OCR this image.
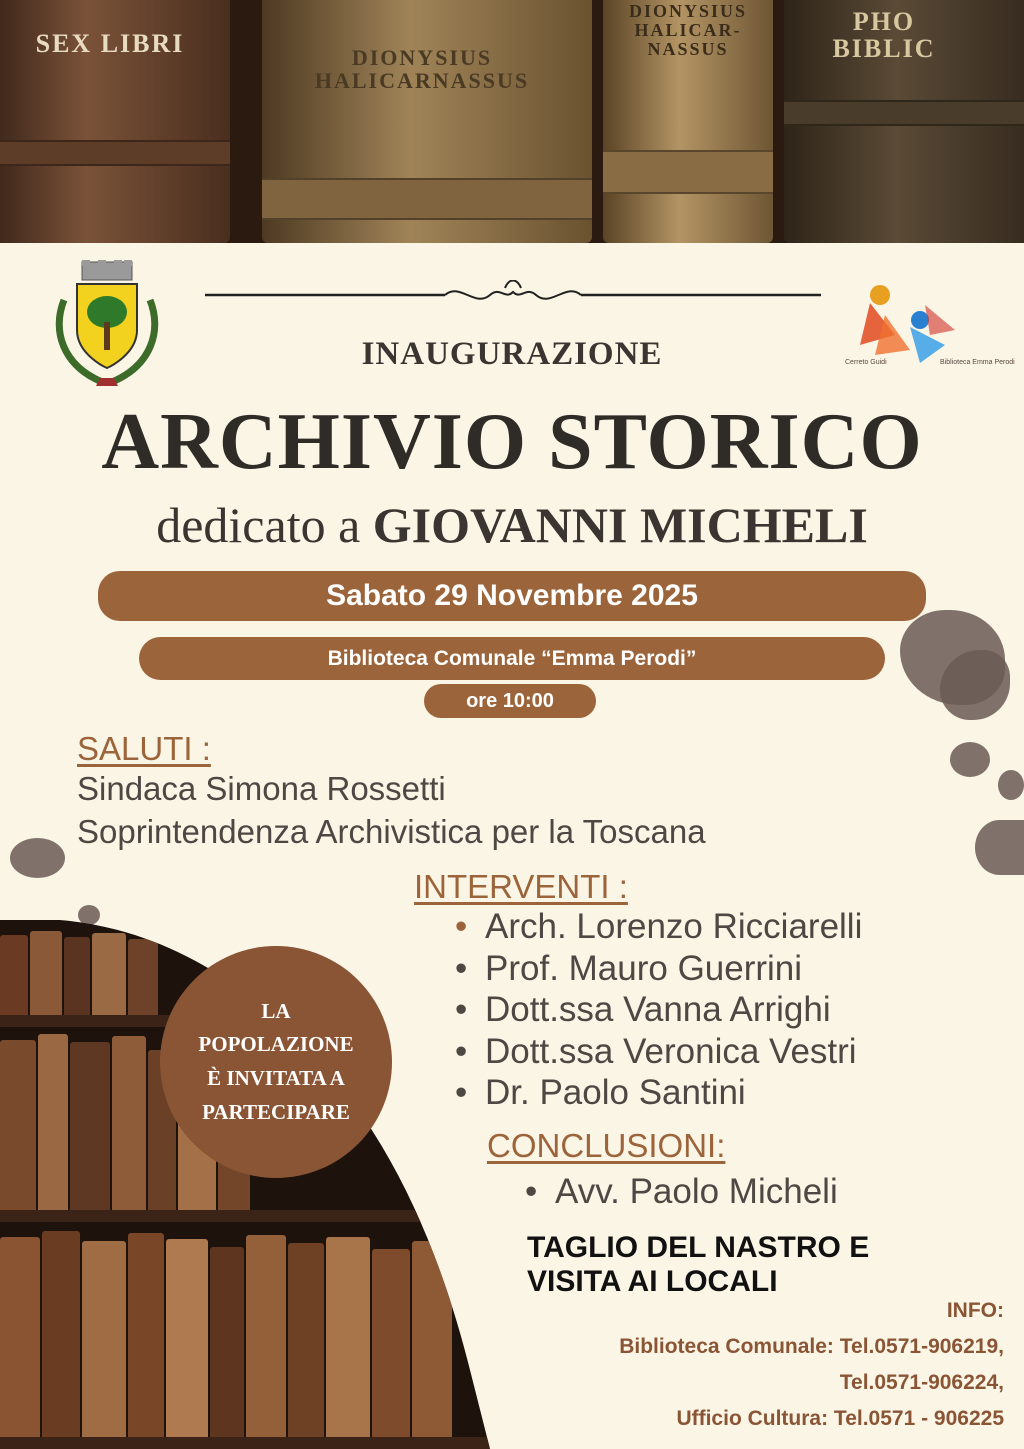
SEX LIBRI	DIONYSIUS
HALICARNASSUS
DIONYSIUS
HALICAR-
NASSUS
PHO
BIBLIC
Cerreto Guidi	Biblioteca Emma Perodi
INAUGURAZIONE
ARCHIVIO STORICO
dedicato a GIOVANNI MICHELI
Sabato 29 Novembre 2025
Biblioteca Comunale “Emma Perodi”
ore 10:00
SALUTI :
Sindaca Simona Rossetti
Soprintendenza Archivistica per la Toscana
INTERVENTI :
• Arch. Lorenzo Ricciarelli
• Prof. Mauro Guerrini
• Dott.ssa Vanna Arrighi
• Dott.ssa Veronica Vestri
• Dr. Paolo Santini
CONCLUSIONI:
• Avv. Paolo Micheli
TAGLIO DEL NASTRO E
VISITA AI LOCALI
LA
POPOLAZIONE
È INVITATA A
PARTECIPARE
INFO:
Biblioteca Comunale: Tel.0571-906219,
Tel.0571-906224,
Ufficio Cultura: Tel.0571 - 906225
